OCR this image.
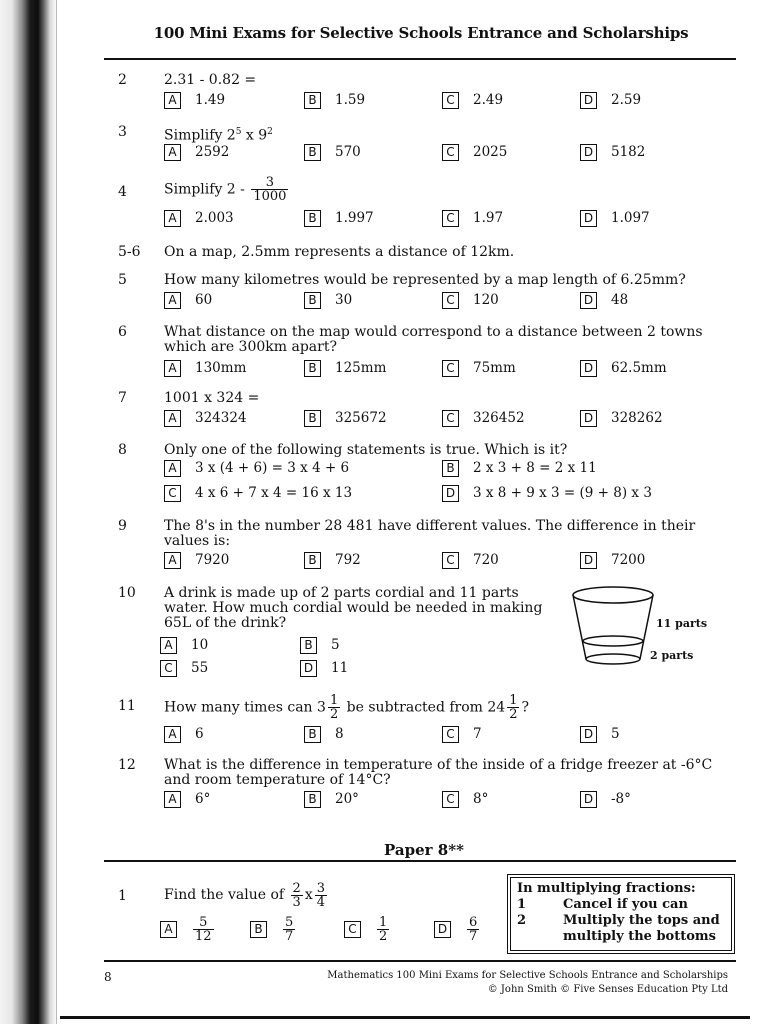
100 Mini Exams for Selective Schools Entrance and Scholarships
2	2.31 - 0.82 =
A 1.49	B 1.59	C 2.49	D 2.59
3	Simplify $2^5$ x $9^2$
A 2592	B 570	C 2025	D 5182
4	Simplify $2 - \frac{3}{1000}$
A 2.003	B 1.997	C 1.97	D 1.097
5-6 On a map, 2.5mm represents a distance of 12km.
5	How many kilometres would be represented by a map length of 6.25mm?
A 60	B 30	C 120	D 48
6	What distance on the map would correspond to a distance between 2 towns
which are 300km apart?
A 130mm	B 125mm	C 75mm	D 62.5mm
7	1001 x 324 =
A 324324	B 325672	C 326452	D 328262
8	Only one of the following statements is true. Which is it?
A 3 x (4 + 6) = 3 x 4 + 6	B 2 x 3 + 8 = 2 x 11
C 4 x 6 + 7 x 4 = 16 x 13	D 3 x 8 + 9 x 3 = (9 + 8) x 3
9	The 8's in the number 28 481 have different values. The difference in their
values is:
A 7920	B 792	C 720	D 7200
10 A drink is made up of 2 parts cordial and 11 parts
water. How much cordial would be needed in making
65L of the drink?
A 10	B 5
C 55	D 11
11 parts
2 parts
11 How many times can $3 \frac{1}{2}$ be subtracted from $24 \frac{1}{2}$ ?
A 6	B 8	C 7	D 5
12 What is the difference in temperature of the inside of a fridge freezer at -6°C
and room temperature of 14°C?
A 6°	B 20°	C 8°	D -8°
Paper 8**
1	Find the value of $\frac{2}{3}$ x $\frac{3}{4}$
A $\frac{5}{12}$	B $\frac{5}{7}$	C $\frac{1}{2}$	D $\frac{6}{7}$
In multiplying fractions:
1	Cancel if you can
2	Multiply the tops and
multiply the bottoms
8	Mathematics 100 Mini Exams for Selective Schools Entrance and Scholarships
© John Smith © Five Senses Education Pty Ltd
